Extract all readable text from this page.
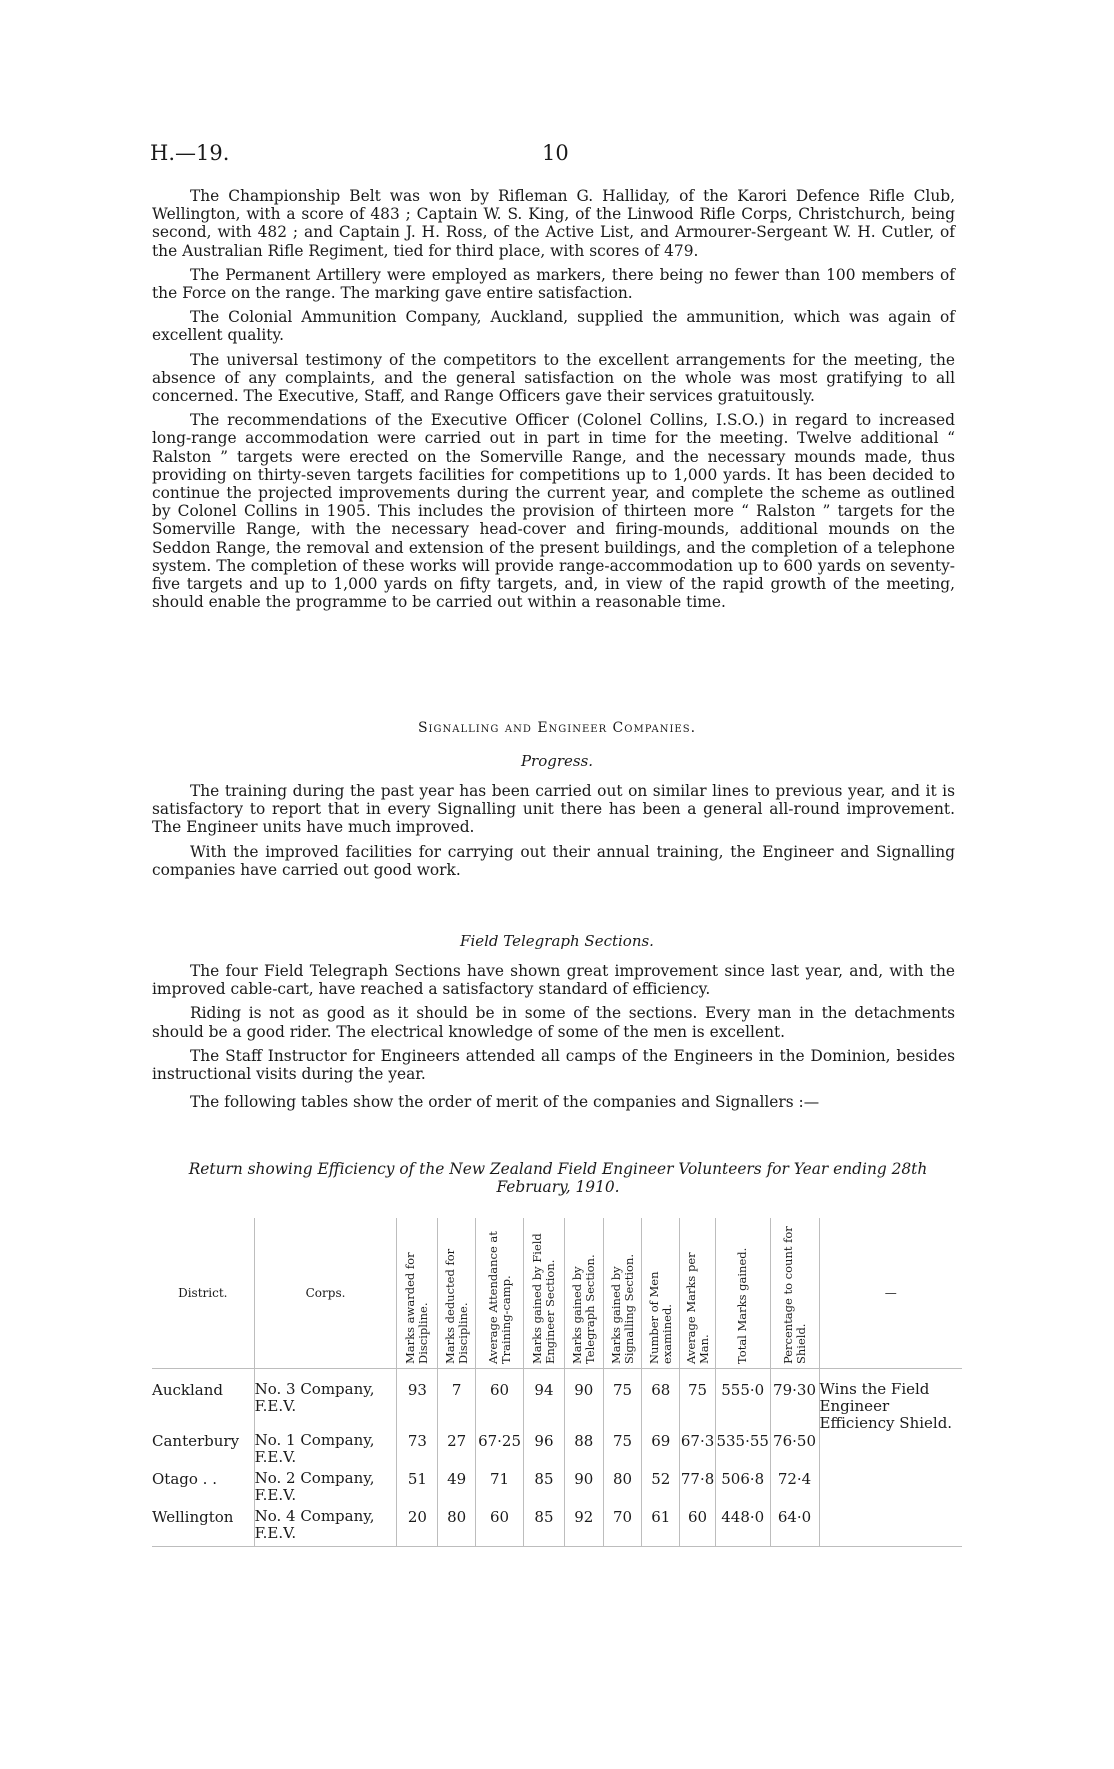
H.—19.	10

The Championship Belt was won by Rifleman G. Halliday, of the Karori Defence Rifle Club, Wellington, with a score of 483 ; Captain W. S. King, of the Linwood Rifle Corps, Christchurch, being second, with 482 ; and Captain J. H. Ross, of the Active List, and Armourer-Sergeant W. H. Cutler, of the Australian Rifle Regiment, tied for third place, with scores of 479.

The Permanent Artillery were employed as markers, there being no fewer than 100 members of the Force on the range. The marking gave entire satisfaction.

The Colonial Ammunition Company, Auckland, supplied the ammunition, which was again of excellent quality.

The universal testimony of the competitors to the excellent arrangements for the meeting, the absence of any complaints, and the general satisfaction on the whole was most gratifying to all concerned. The Executive, Staff, and Range Officers gave their services gratuitously.

The recommendations of the Executive Officer (Colonel Collins, I.S.O.) in regard to increased long-range accommodation were carried out in part in time for the meeting. Twelve additional “ Ralston ” targets were erected on the Somerville Range, and the necessary mounds made, thus providing on thirty-seven targets facilities for competitions up to 1,000 yards. It has been decided to continue the projected improvements during the current year, and complete the scheme as outlined by Colonel Collins in 1905. This includes the provision of thirteen more “ Ralston ” targets for the Somerville Range, with the necessary head-cover and firing-mounds, additional mounds on the Seddon Range, the removal and extension of the present buildings, and the completion of a telephone system. The completion of these works will provide range-accommodation up to 600 yards on seventy-five targets and up to 1,000 yards on fifty targets, and, in view of the rapid growth of the meeting, should enable the programme to be carried out within a reasonable time.

Signalling and Engineer Companies.
Progress.

The training during the past year has been carried out on similar lines to previous year, and it is satisfactory to report that in every Signalling unit there has been a general all-round improvement. The Engineer units have much improved.

With the improved facilities for carrying out their annual training, the Engineer and Signalling companies have carried out good work.

Field Telegraph Sections.

The four Field Telegraph Sections have shown great improvement since last year, and, with the improved cable-cart, have reached a satisfactory standard of efficiency.

Riding is not as good as it should be in some of the sections. Every man in the detachments should be a good rider. The electrical knowledge of some of the men is excellent.

The Staff Instructor for Engineers attended all camps of the Engineers in the Dominion, besides instructional visits during the year.

The following tables show the order of merit of the companies and Signallers :—

Return showing Efficiency of the New Zealand Field Engineer Volunteers for Year ending 28th February, 1910.
District.	Corps.	Marks awarded for Discipline.	Marks deducted for Discipline.	Average Attendance at Training-camp.	Marks gained by Field Engineer Section.	Marks gained by Telegraph Section.	Marks gained by Signalling Section.	Number of Men examined.	Average Marks per Man.	Total Marks gained.	Percentage to count for Shield.	—

Auckland	No. 3 Company, F.E.V.	93	7	60	94	90	75	68	75	555·0	79·30	Wins the Field Engineer Efficiency Shield.
Canterbury	No. 1 Company, F.E.V.	73	27	67·25	96	88	75	69	67·3	535·55	76·50	
Otago . .	No. 2 Company, F.E.V.	51	49	71	85	90	80	52	77·8	506·8	72·4	
Wellington	No. 4 Company, F.E.V.	20	80	60	85	92	70	61	60	448·0	64·0	
